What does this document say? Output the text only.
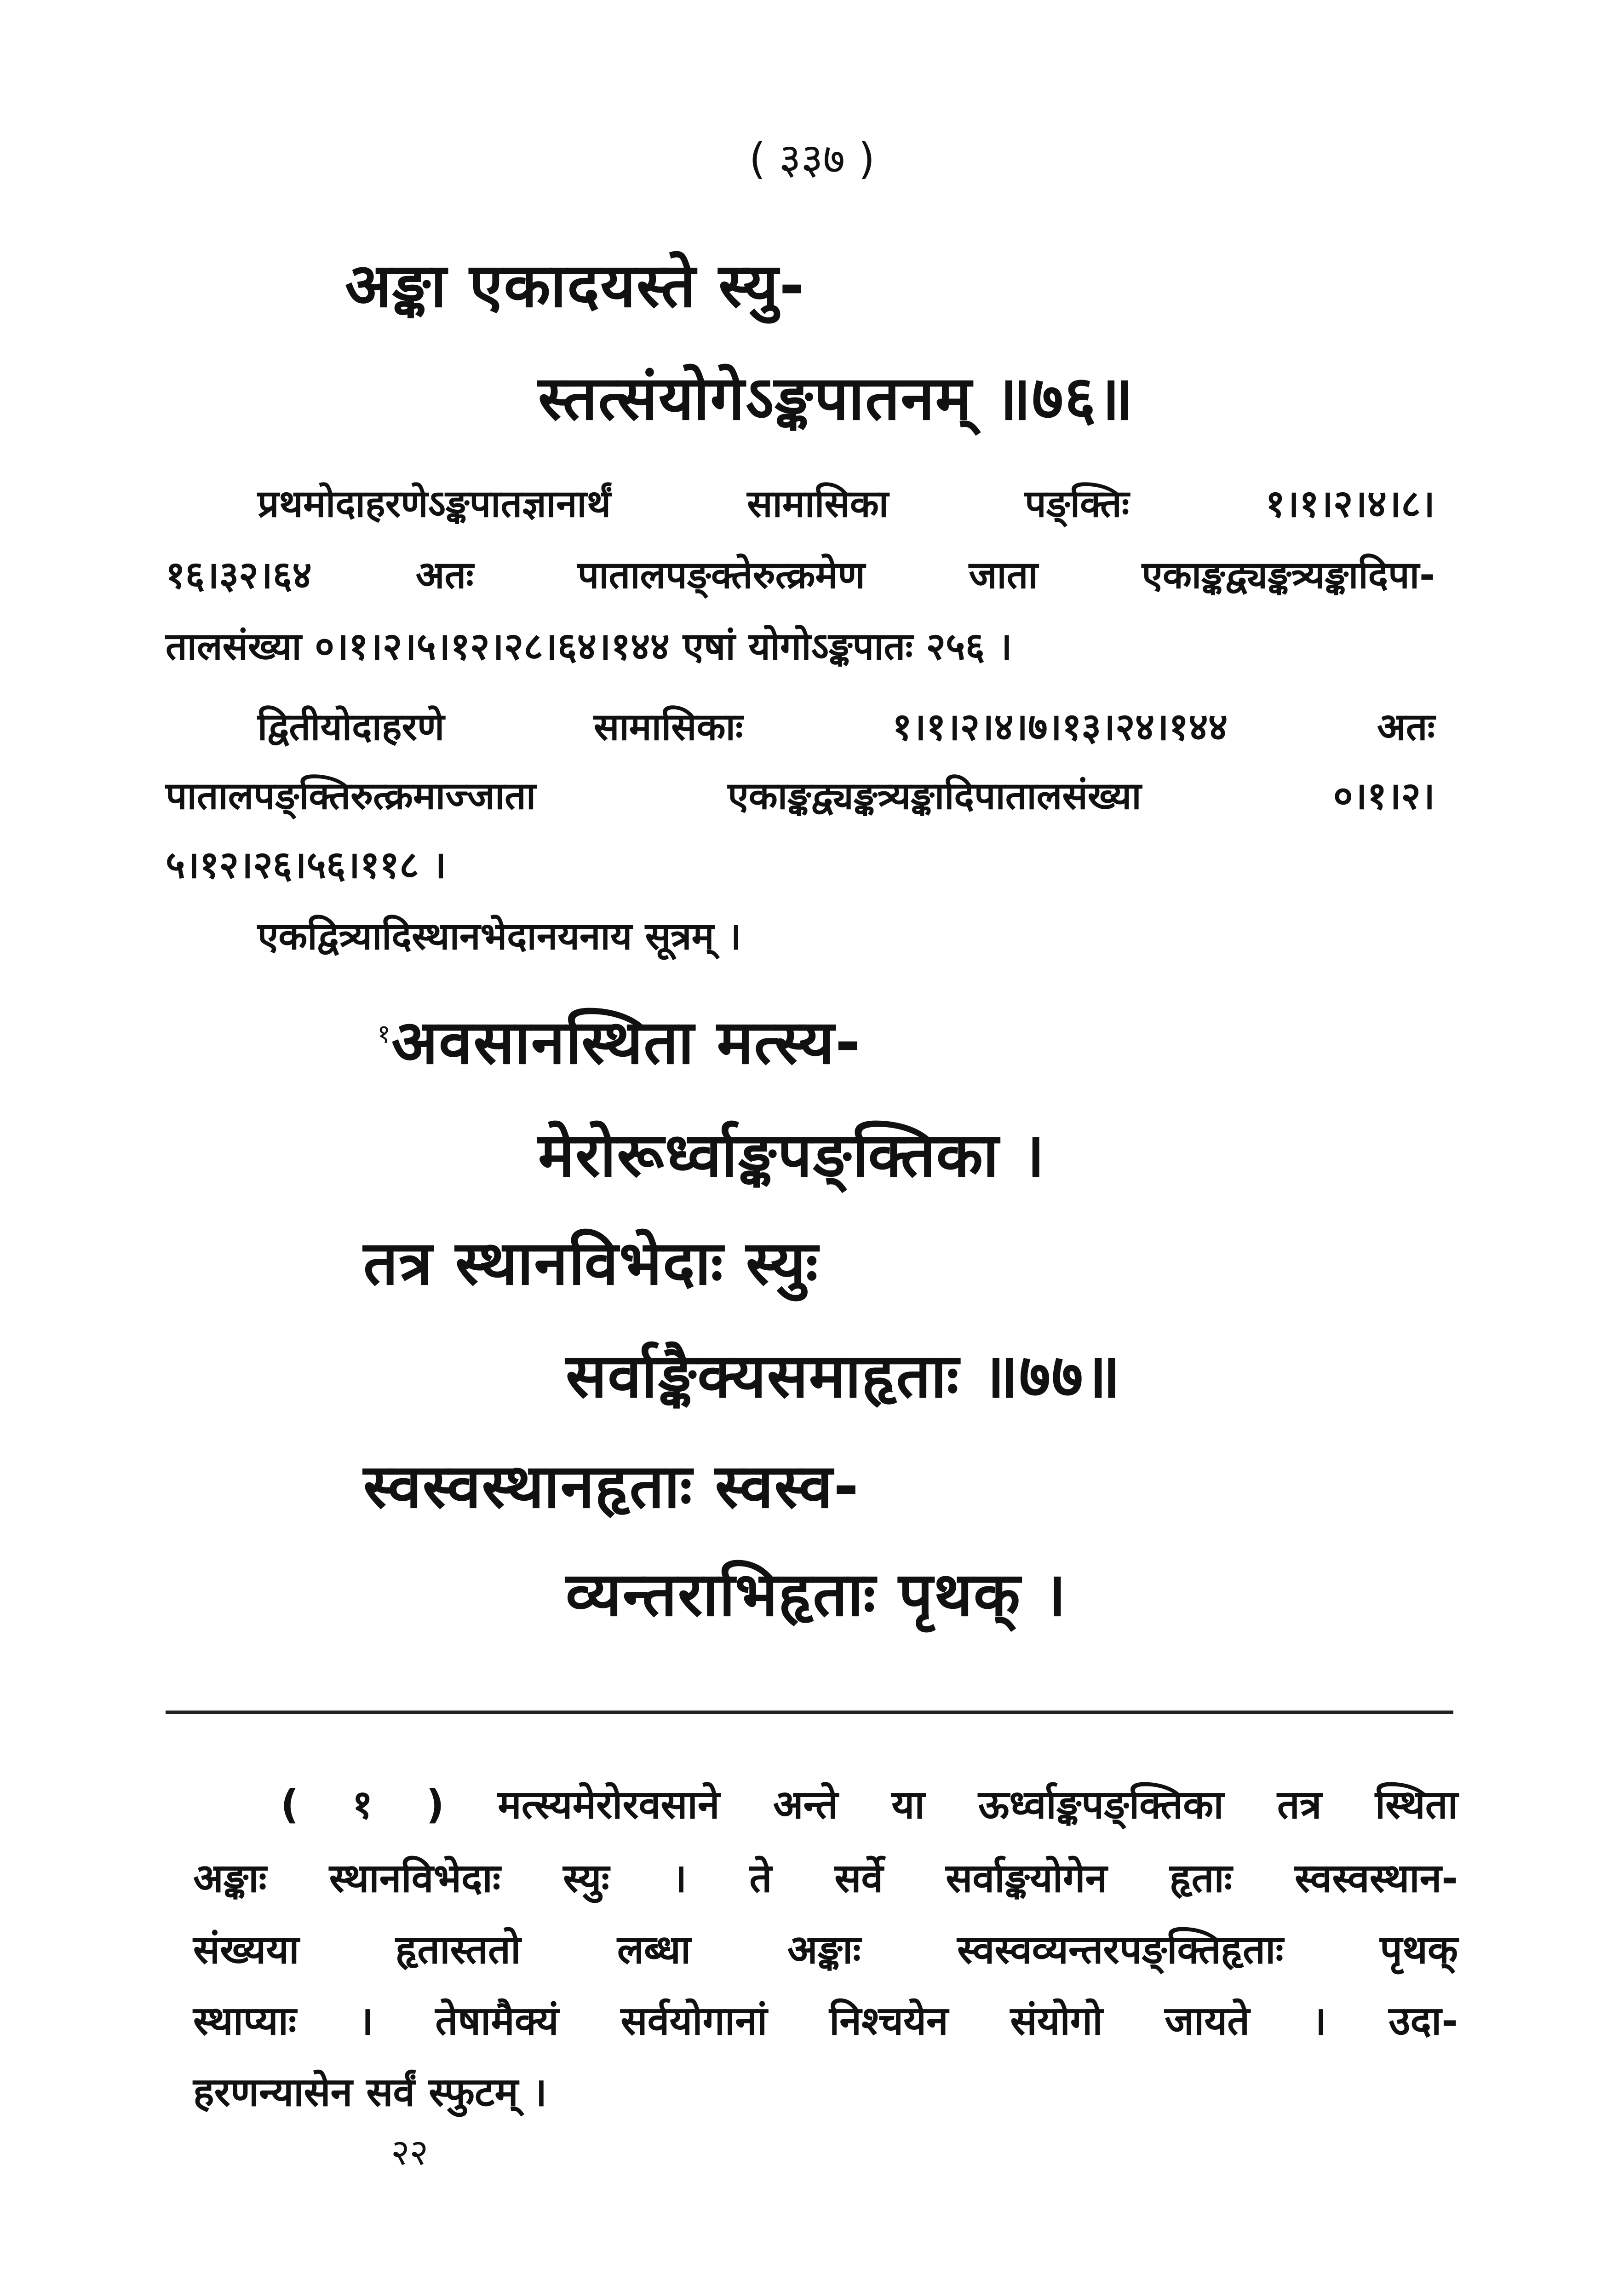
( ३३७ )
अङ्का एकादयस्ते स्यु-
स्तत्संयोगेऽङ्कपातनम् ॥७६॥
प्रथमोदाहरणेऽङ्कपातज्ञानार्थं सामासिका पङ्क्तिः १।१।२।४।८।
१६।३२।६४ अतः पातालपङ्क्तेरुत्क्रमेण जाता एकाङ्कद्व्यङ्कत्र्यङ्कादिपा-
तालसंख्या ०।१।२।५।१२।२८।६४।१४४ एषां योगोऽङ्कपातः २५६ ।
द्वितीयोदाहरणे सामासिकाः १।१।२।४।७।१३।२४।१४४ अतः
पातालपङ्क्तिरुत्क्रमाज्जाता एकाङ्कद्व्यङ्कत्र्यङ्कादिपातालसंख्या ०।१।२।
५।१२।२६।५६।११८ ।
एकद्वित्र्यादिस्थानभेदानयनाय सूत्रम् ।
$^१$अवसानस्थिता मत्स्य-
मेरोरूर्ध्वाङ्कपङ्क्तिका ।
तत्र स्थानविभेदाः स्युः
सर्वाङ्कैक्यसमाहृताः ॥७७॥
स्वस्वस्थानहृताः स्वस्व-
व्यन्तराभिहृताः पृथक् ।
( १ ) मत्स्यमेरोरवसाने अन्ते या ऊर्ध्वाङ्कपङ्क्तिका तत्र स्थिता
अङ्काः स्थानविभेदाः स्युः । ते सर्वे सर्वाङ्कयोगेन हृताः स्वस्वस्थान-
संख्यया हृतास्ततो लब्धा अङ्काः स्वस्वव्यन्तरपङ्क्तिहृताः पृथक्
स्थाप्याः । तेषामैक्यं सर्वयोगानां निश्चयेन संयोगो जायते । उदा-
हरणन्यासेन सर्वं स्फुटम् ।
२२
